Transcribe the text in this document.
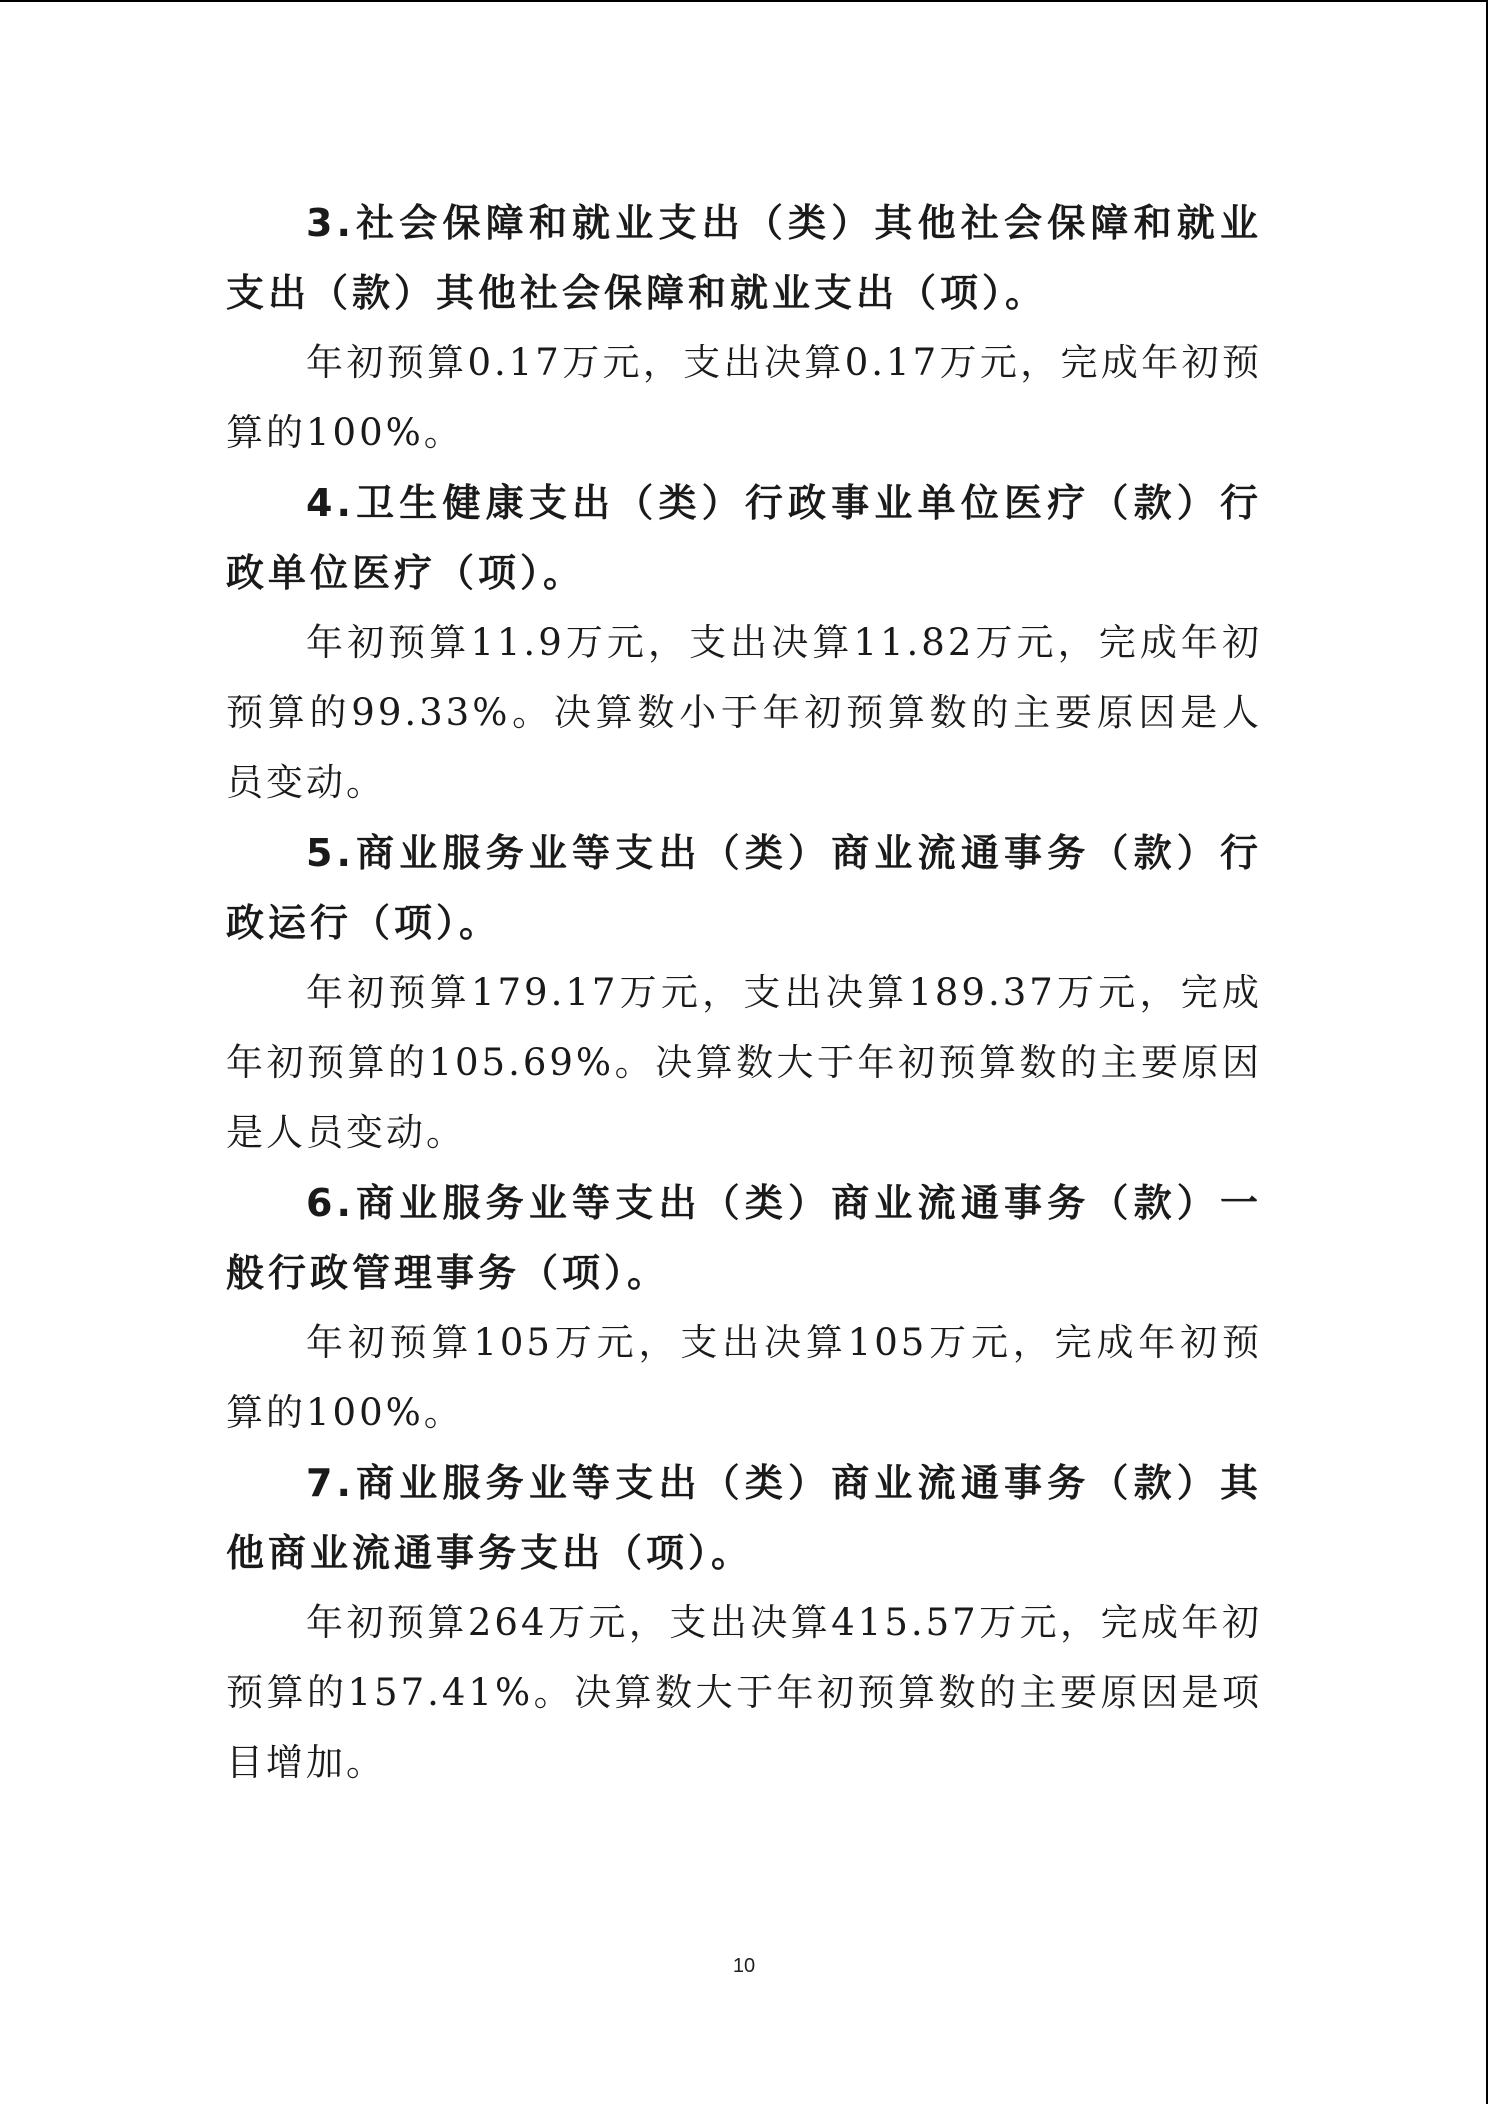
3.社会保障和就业支出（类）其他社会保障和就业支出（款）其他社会保障和就业支出（项）。

年初预算0.17万元，支出决算0.17万元，完成年初预算的100%。

4.卫生健康支出（类）行政事业单位医疗（款）行政单位医疗（项）。

年初预算11.9万元，支出决算11.82万元，完成年初预算的99.33%。决算数小于年初预算数的主要原因是人员变动。

5.商业服务业等支出（类）商业流通事务（款）行政运行（项）。

年初预算179.17万元，支出决算189.37万元，完成年初预算的105.69%。决算数大于年初预算数的主要原因是人员变动。

6.商业服务业等支出（类）商业流通事务（款）一般行政管理事务（项）。

年初预算105万元，支出决算105万元，完成年初预算的100%。

7.商业服务业等支出（类）商业流通事务（款）其他商业流通事务支出（项）。

年初预算264万元，支出决算415.57万元，完成年初预算的157.41%。决算数大于年初预算数的主要原因是项目增加。

10
